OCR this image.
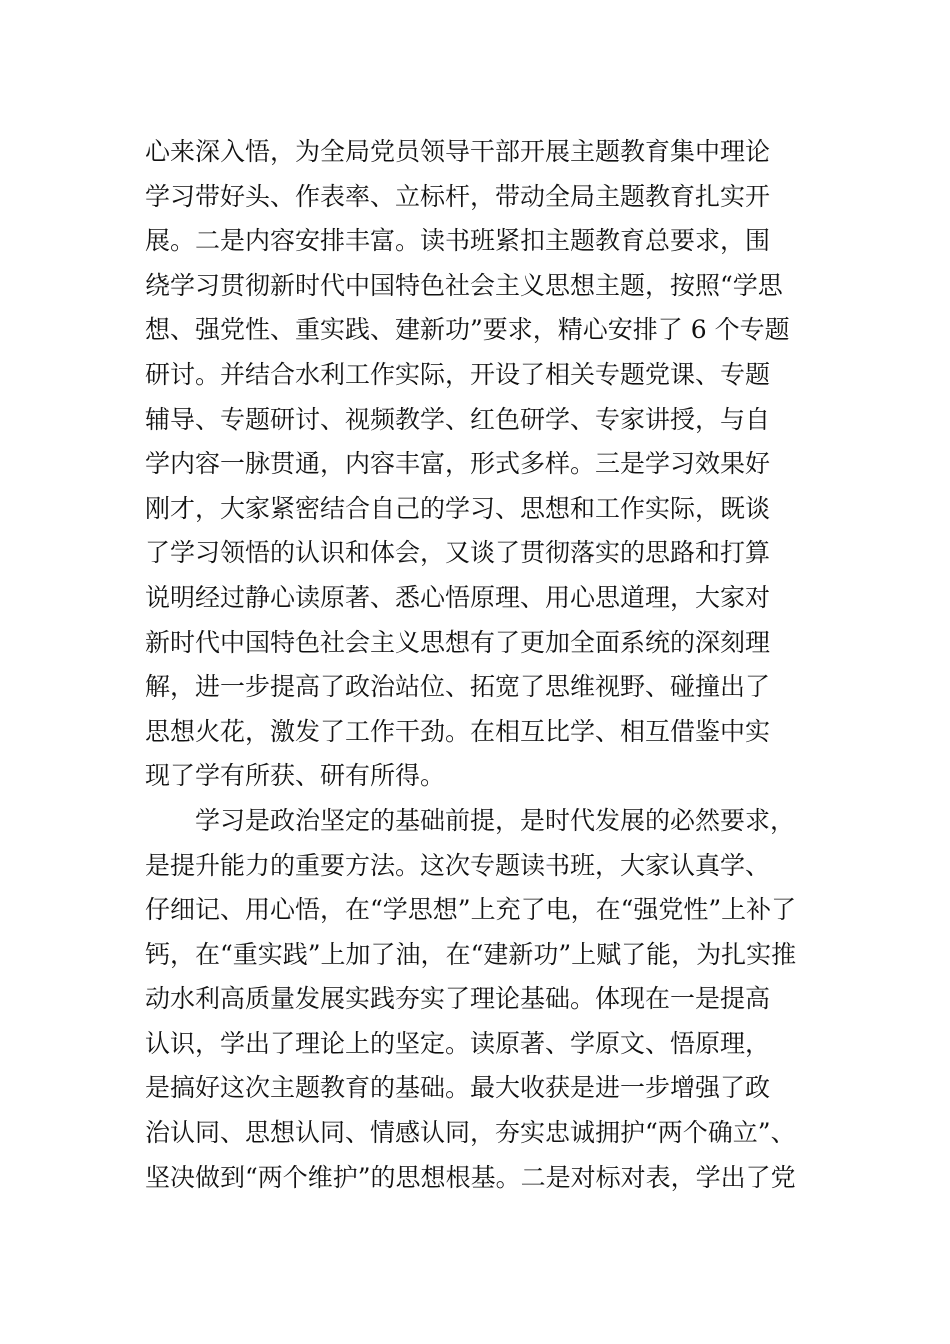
心来深入悟，为全局党员领导干部开展主题教育集中理论
学习带好头、作表率、立标杆，带动全局主题教育扎实开
展。二是内容安排丰富。读书班紧扣主题教育总要求，围
绕学习贯彻新时代中国特色社会主义思想主题，按照“学思
想、强党性、重实践、建新功”要求，精心安排了 6 个专题
研讨。并结合水利工作实际，开设了相关专题党课、专题
辅导、专题研讨、视频教学、红色研学、专家讲授，与自
学内容一脉贯通，内容丰富，形式多样。三是学习效果好
刚才，大家紧密结合自己的学习、思想和工作实际，既谈
了学习领悟的认识和体会，又谈了贯彻落实的思路和打算
说明经过静心读原著、悉心悟原理、用心思道理，大家对
新时代中国特色社会主义思想有了更加全面系统的深刻理
解，进一步提高了政治站位、拓宽了思维视野、碰撞出了
思想火花，激发了工作干劲。在相互比学、相互借鉴中实
现了学有所获、研有所得。
学习是政治坚定的基础前提，是时代发展的必然要求，
是提升能力的重要方法。这次专题读书班，大家认真学、
仔细记、用心悟，在“学思想”上充了电，在“强党性”上补了
钙，在“重实践”上加了油，在“建新功”上赋了能，为扎实推
动水利高质量发展实践夯实了理论基础。体现在一是提高
认识，学出了理论上的坚定。读原著、学原文、悟原理，
是搞好这次主题教育的基础。最大收获是进一步增强了政
治认同、思想认同、情感认同，夯实忠诚拥护“两个确立”、
坚决做到“两个维护”的思想根基。二是对标对表，学出了党
